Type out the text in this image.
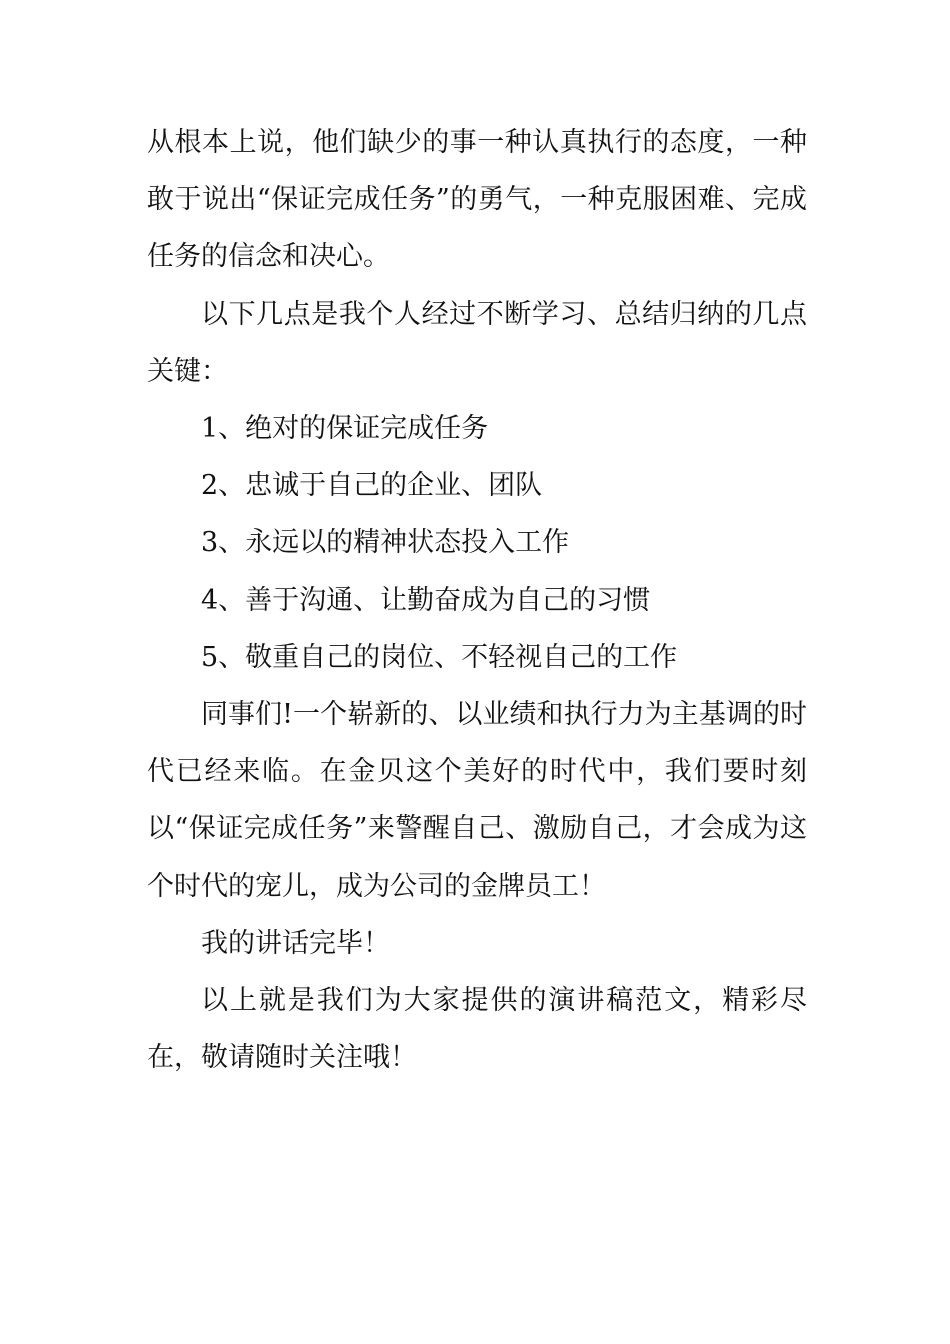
从根本上说，他们缺少的事一种认真执行的态度，一种敢于说出“保证完成任务”的勇气，一种克服困难、完成任务的信念和决心。

以下几点是我个人经过不断学习、总结归纳的几点关键：

1、绝对的保证完成任务

2、忠诚于自己的企业、团队

3、永远以的精神状态投入工作

4、善于沟通、让勤奋成为自己的习惯

5、敬重自己的岗位、不轻视自己的工作

同事们!一个崭新的、以业绩和执行力为主基调的时代已经来临。在金贝这个美好的时代中，我们要时刻以“保证完成任务”来警醒自己、激励自己，才会成为这个时代的宠儿，成为公司的金牌员工！

我的讲话完毕！

以上就是我们为大家提供的演讲稿范文，精彩尽在，敬请随时关注哦！
